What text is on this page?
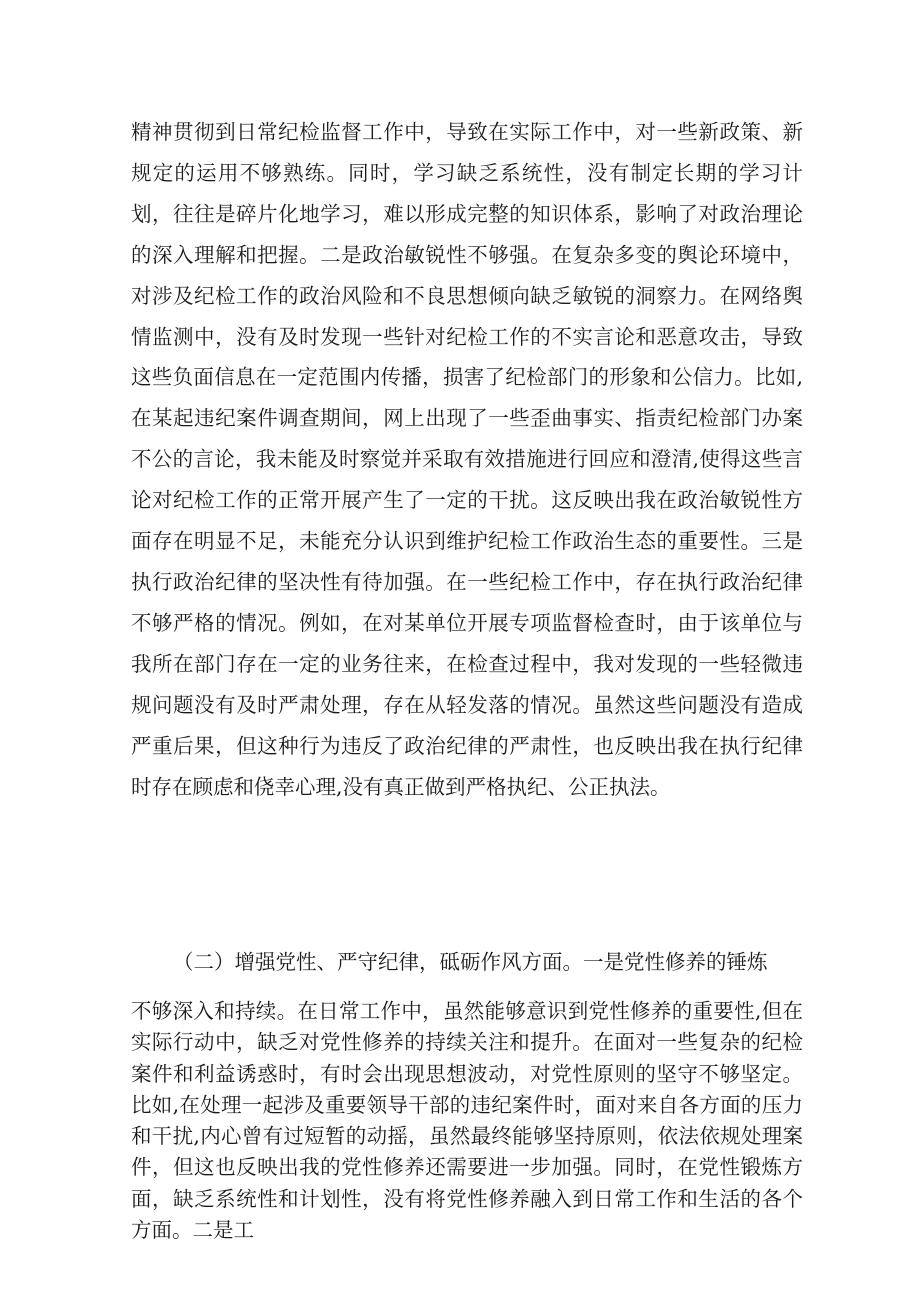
精神贯彻到日常纪检监督工作中，导致在实际工作中，对一些新政策、新规定的运用不够熟练。同时，学习缺乏系统性，没有制定长期的学习计划，往往是碎片化地学习，难以形成完整的知识体系，影响了对政治理论的深入理解和把握。二是政治敏锐性不够强。在复杂多变的舆论环境中，对涉及纪检工作的政治风险和不良思想倾向缺乏敏锐的洞察力。在网络舆情监测中，没有及时发现一些针对纪检工作的不实言论和恶意攻击，导致这些负面信息在一定范围内传播，损害了纪检部门的形象和公信力。比如,在某起违纪案件调查期间，网上出现了一些歪曲事实、指责纪检部门办案不公的言论，我未能及时察觉并采取有效措施进行回应和澄清,使得这些言论对纪检工作的正常开展产生了一定的干扰。这反映出我在政治敏锐性方面存在明显不足，未能充分认识到维护纪检工作政治生态的重要性。三是执行政治纪律的坚决性有待加强。在一些纪检工作中，存在执行政治纪律不够严格的情况。例如，在对某单位开展专项监督检查时，由于该单位与我所在部门存在一定的业务往来，在检查过程中，我对发现的一些轻微违规问题没有及时严肃处理，存在从轻发落的情况。虽然这些问题没有造成严重后果，但这种行为违反了政治纪律的严肃性，也反映出我在执行纪律时存在顾虑和侥幸心理,没有真正做到严格执纪、公正执法。

（二）增强党性、严守纪律，砥砺作风方面。一是党性修养的锤炼

不够深入和持续。在日常工作中，虽然能够意识到党性修养的重要性,但在实际行动中，缺乏对党性修养的持续关注和提升。在面对一些复杂的纪检案件和利益诱惑时，有时会出现思想波动，对党性原则的坚守不够坚定。比如,在处理一起涉及重要领导干部的违纪案件时，面对来自各方面的压力和干扰,内心曾有过短暂的动摇，虽然最终能够坚持原则，依法依规处理案件，但这也反映出我的党性修养还需要进一步加强。同时，在党性锻炼方面，缺乏系统性和计划性，没有将党性修养融入到日常工作和生活的各个方面。二是工
